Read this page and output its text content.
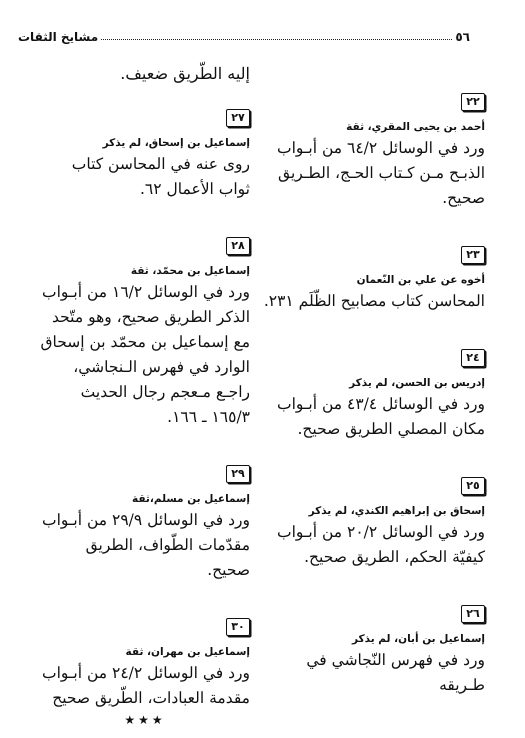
٥٦
مشايخ الثقات
٢٢
أحمد بن يحيى المقري، ثقة
ورد في الوسائل ٦٤/٢ من أبـواب الذبـح مـن كـتاب الحـج، الطـريق صحيح.
٢٣
أخوه عن علي بن النّعمان
المحاسن كتاب مصابيح الظّلَم ٢٣١.
٢٤
إدريس بن الحسن، لم يذكر
ورد في الوسائل ٤٣/٤ من أبـواب مكان المصلي الطريق صحيح.
٢٥
إسحاق بن إبراهيم الكندي، لم يذكر
ورد في الوسائل ٢٠/٢ من أبـواب كيفيّة الحكم، الطريق صحيح.
٢٦
إسماعيل بن أبان، لم يذكر
ورد في فهرس النّجاشي في طـريقه
إليه الطّريق ضعيف.
٢٧
إسماعيل بن إسحاق، لم يذكر
روى عنه في المحاسن كتاب ثواب الأعمال ٦٢.
٢٨
إسماعيل بن محمّد، ثقة
ورد في الوسائل ١٦/٢ من أبـواب الذكر الطريق صحيح، وهو متّحد مع إسماعيل بن محمّد بن إسحاق الوارد في فهرس الـنجاشي، راجـع مـعجم رجال الحديث ١٦٥/٣ ـ ١٦٦.
٢٩
إسماعيل بن مسلم،ثقة
ورد في الوسائل ٢٩/٩ من أبـواب مقدّمات الطّواف، الطريق صحيح.
٣٠
إسماعيل بن مهران، ثقة
ورد في الوسائل ٢٤/٢ من أبـواب مقدمة العبادات، الطّريق صحيح
★★★
